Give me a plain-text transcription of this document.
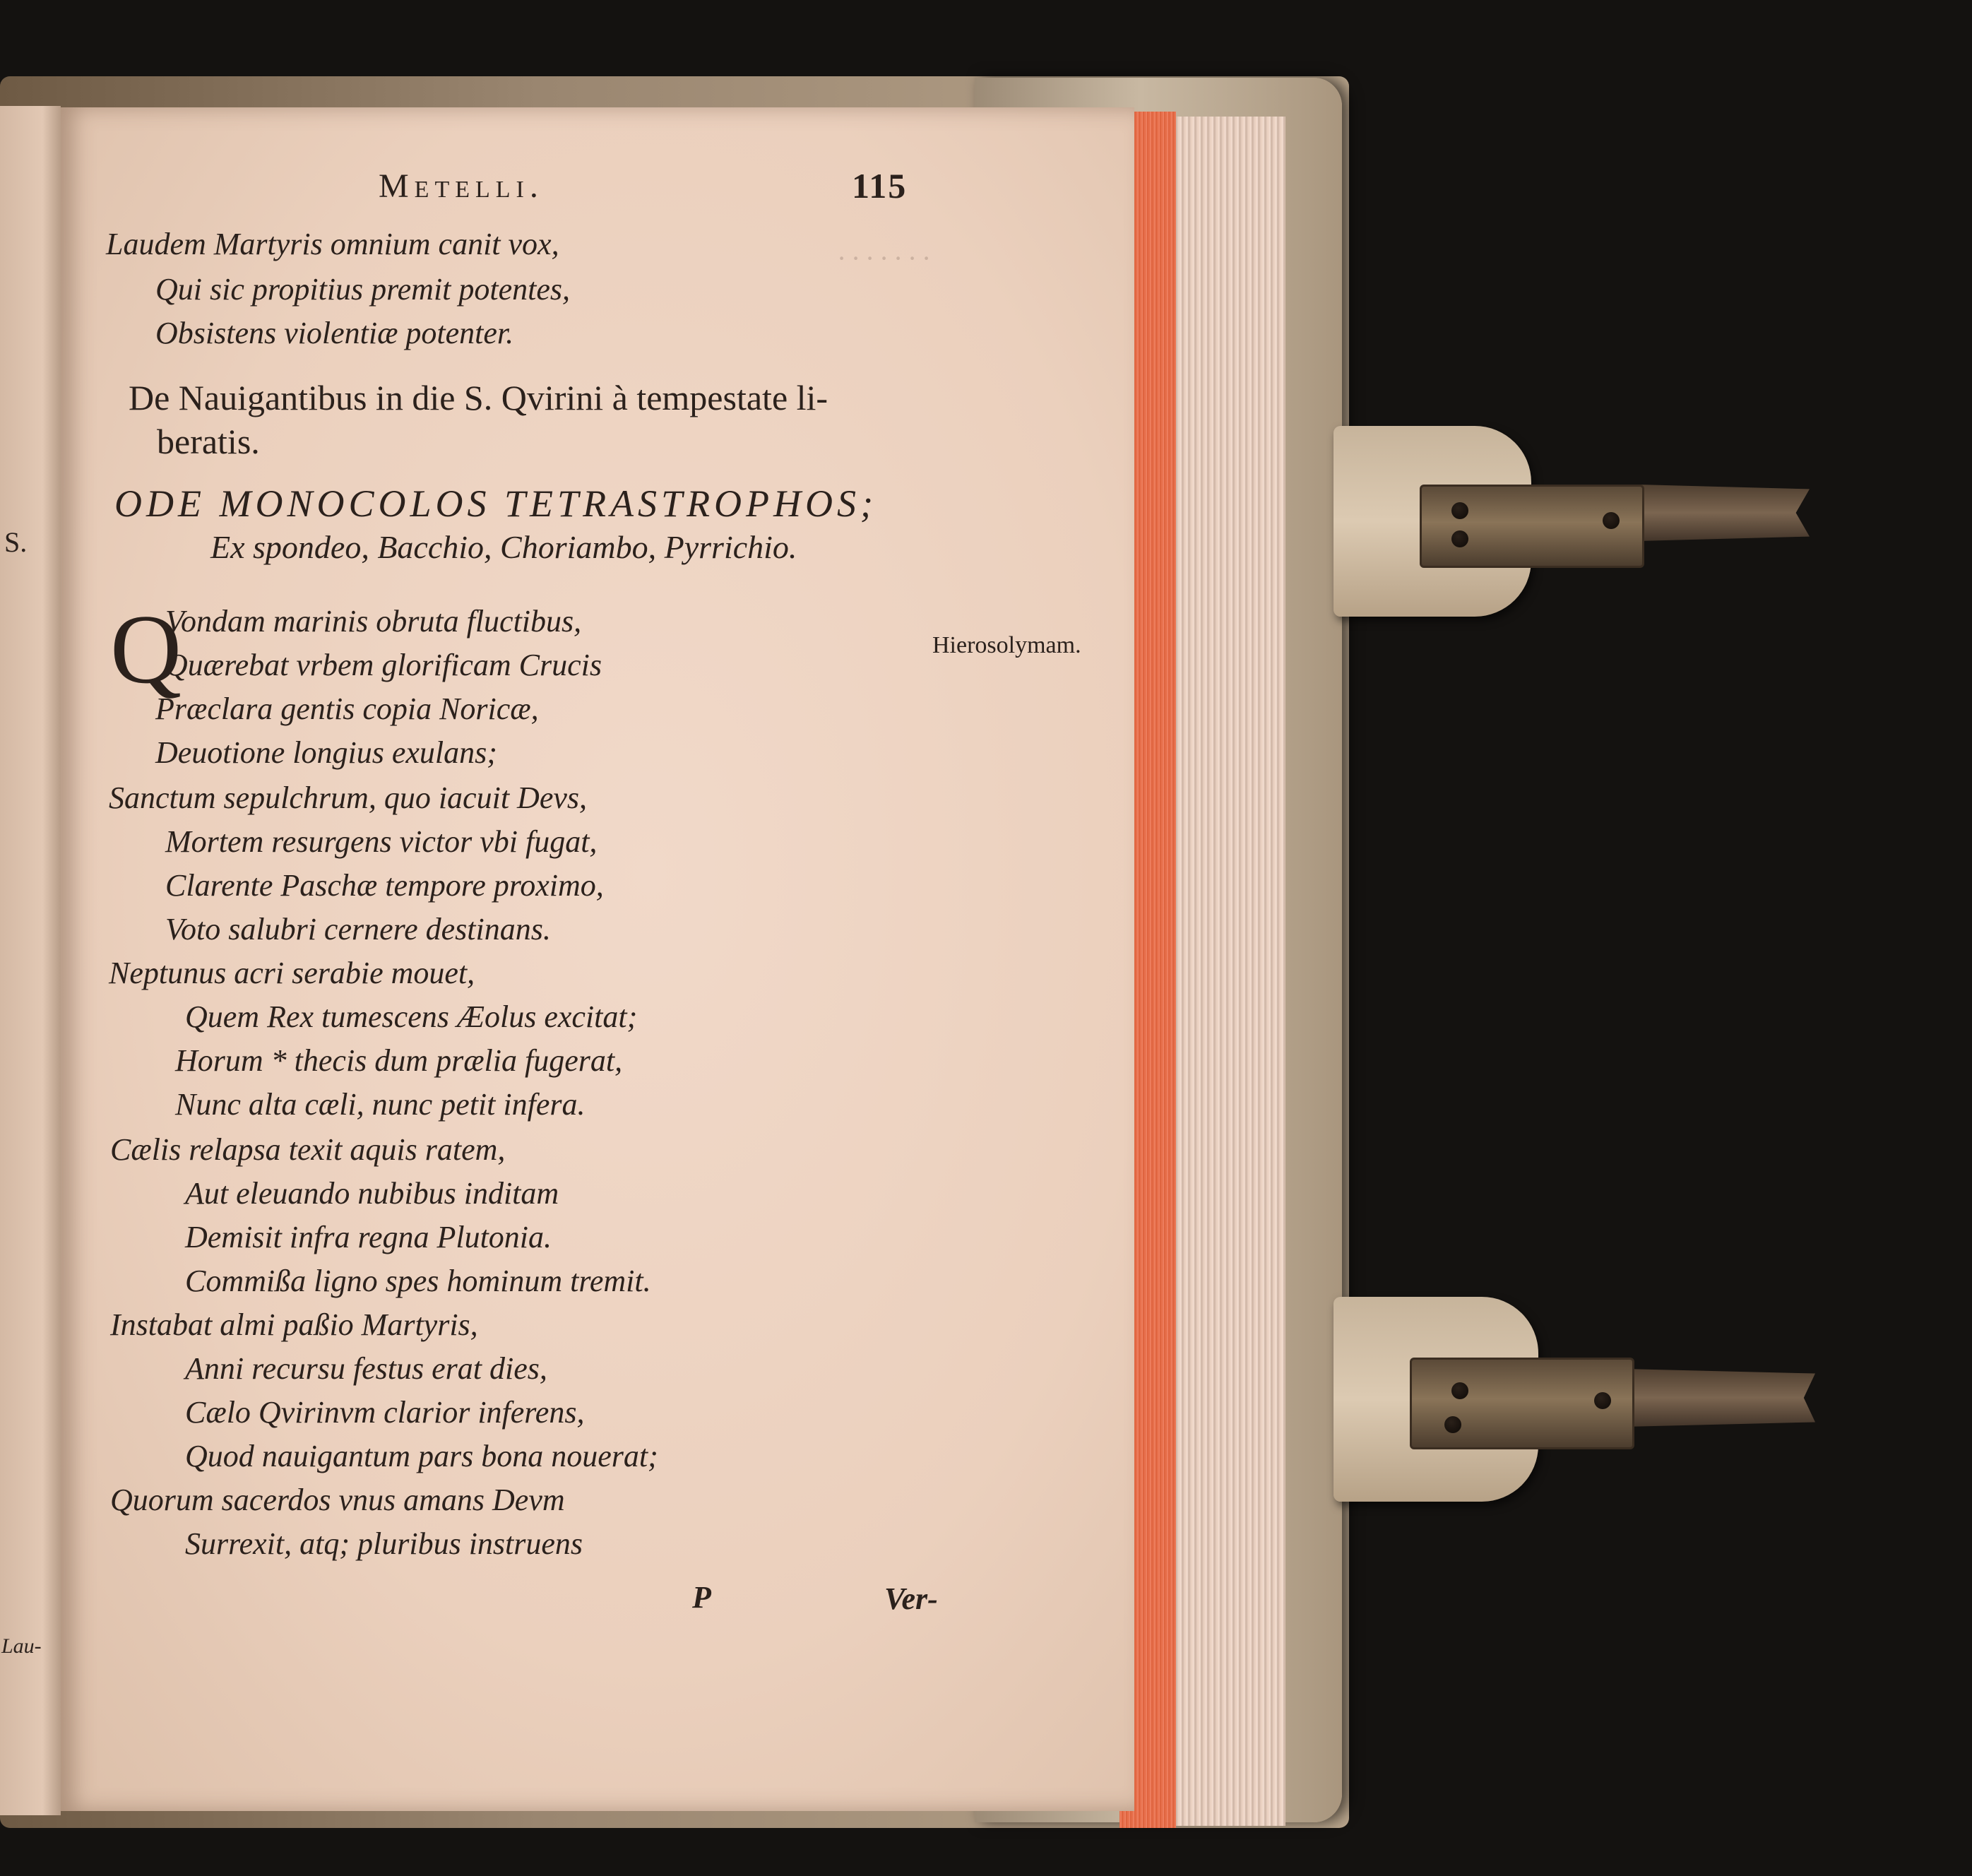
S.
Lau-
· · · · · · ·
Metelli.	115
Laudem Martyris omnium canit vox,
Qui sic propitius premit potentes,
Obsistens violentiæ potenter.
De Nauigantibus in die S. Qvirini à tempestate li-
beratis.
ODE MONOCOLOS TETRASTROPHOS;
Ex spondeo, Bacchio, Choriambo, Pyrrichio.
Q
Vondam marinis obruta fluctibus,
Quærebat vrbem glorificam Crucis
Præclara gentis copia Noricæ,
Deuotione longius exulans;
Sanctum sepulchrum, quo iacuit Devs,
Mortem resurgens victor vbi fugat,
Clarente Paschæ tempore proximo,
Voto salubri cernere destinans.
Neptunus acri serabie mouet,
Quem Rex tumescens Æolus excitat;
Horum * thecis dum prælia fugerat,
Nunc alta cæli, nunc petit infera.
Cælis relapsa texit aquis ratem,
Aut eleuando nubibus inditam
Demisit infra regna Plutonia.
Commißa ligno spes hominum tremit.
Instabat almi paßio Martyris,
Anni recursu festus erat dies,
Cælo Qvirinvm clarior inferens,
Quod nauigantum pars bona nouerat;
Quorum sacerdos vnus amans Devm
Surrexit, atq; pluribus instruens
Hierosolymam.
P	Ver-
